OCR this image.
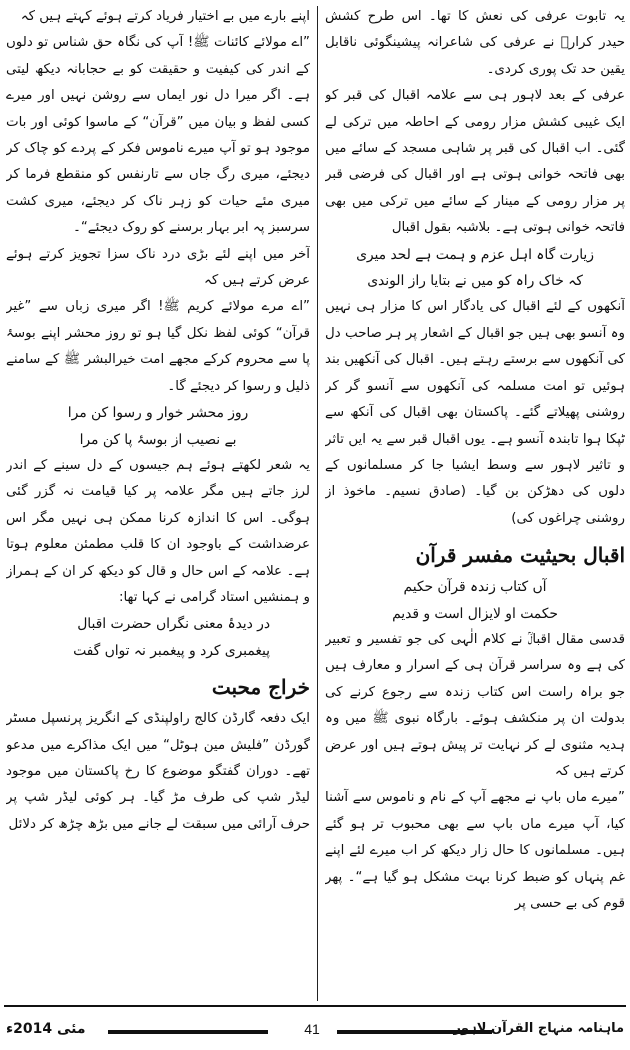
یہ تابوت عرفی کی نعش کا تھا۔ اس طرح کشش حیدر کرارؓ نے عرفی کی شاعرانہ پیشینگوئی ناقابل یقین حد تک پوری کردی۔

عرفی کے بعد لاہور ہی سے علامہ اقبال کی قبر کو ایک غیبی کشش مزار رومی کے احاطہ میں ترکی لے گئی۔ اب اقبال کی قبر پر شاہی مسجد کے سائے میں بھی فاتحہ خوانی ہوتی ہے اور اقبال کی فرضی قبر پر مزار رومی کے مینار کے سائے میں ترکی میں بھی فاتحہ خوانی ہوتی ہے۔ بلاشبہ بقول اقبال

زیارت گاہ اہل عزم و ہمت ہے لحد میری

کہ خاک راہ کو میں نے بتایا راز الوندی

آنکھوں کے لئے اقبال کی یادگار اس کا مزار ہی نہیں وہ آنسو بھی ہیں جو اقبال کے اشعار پر ہر صاحب دل کی آنکھوں سے برستے رہتے ہیں۔ اقبال کی آنکھیں بند ہوئیں تو امت مسلمہ کی آنکھوں سے آنسو گر کر روشنی پھیلاتے گئے۔ پاکستان بھی اقبال کی آنکھ سے ٹپکا ہوا تابندہ آنسو ہے۔ یوں اقبال قبر سے یہ ایں تاثر و تاثیر لاہور سے وسط ایشیا جا کر مسلمانوں کے دلوں کی دھڑکن بن گیا۔ (صادق نسیم۔ ماخوذ از روشنی چراغوں کی)

اقبال بحیثیت مفسر قرآن

آں کتاب زندہ قرآن حکیم

حکمت او لایزال است و قدیم

قدسی مقال اقبالؒ نے کلام الٰہی کی جو تفسیر و تعبیر کی ہے وہ سراسر قرآن ہی کے اسرار و معارف ہیں جو براہ راست اس کتاب زندہ سے رجوع کرنے کی بدولت ان پر منکشف ہوئے۔ بارگاہ نبوی ﷺ میں وہ ہدیہ مثنوی لے کر نہایت تر پیش ہوتے ہیں اور عرض کرتے ہیں کہ

”میرے ماں باپ نے مجھے آپ کے نام و ناموس سے آشنا کیا، آپ میرے ماں باپ سے بھی محبوب تر ہو گئے ہیں۔ مسلمانوں کا حال زار دیکھ کر اب میرے لئے اپنے غم پنہاں کو ضبط کرنا بہت مشکل ہو گیا ہے“۔ پھر قوم کی بے حسی پر

اپنے بارے میں بے اختیار فریاد کرتے ہوئے کہتے ہیں کہ

”اے مولائے کائنات ﷺ! آپ کی نگاہ حق شناس تو دلوں کے اندر کی کیفیت و حقیقت کو بے حجابانہ دیکھ لیتی ہے۔ اگر میرا دل نور ایماں سے روشن نہیں اور میرے کسی لفظ و بیان میں ”قرآن“ کے ماسوا کوئی اور بات موجود ہو تو آپ میرے ناموس فکر کے پردے کو چاک کر دیجئے، میری رگ جاں سے تارنفس کو منقطع فرما کر میری مئے حیات کو زہر ناک کر دیجئے، میری کشت سرسبز پہ ابر بہار برسنے کو روک دیجئے“۔

آخر میں اپنے لئے بڑی درد ناک سزا تجویز کرتے ہوئے عرض کرتے ہیں کہ

”اے مرے مولائے کریم ﷺ! اگر میری زباں سے ”غیر قرآن“ کوئی لفظ نکل گیا ہو تو روز محشر اپنے بوسۂ پا سے محروم کرکے مجھے امت خیرالبشر ﷺ کے سامنے ذلیل و رسوا کر دیجئے گا۔

روز محشر خوار و رسوا کن مرا

بے نصیب از بوسۂ پا کن مرا

یہ شعر لکھتے ہوئے ہم جیسوں کے دل سینے کے اندر لرز جاتے ہیں مگر علامہ پر کیا قیامت نہ گزر گئی ہوگی۔ اس کا اندازہ کرنا ممکن ہی نہیں مگر اس عرضداشت کے باوجود ان کا قلب مطمئن معلوم ہوتا ہے۔ علامہ کے اس حال و قال کو دیکھ کر ان کے ہمراز و ہمنشیں استاد گرامی نے کہا تھا:

در دیدۂ معنی نگراں حضرت اقبال

پیغمبری کرد و پیغمبر نہ تواں گفت

خراج محبت

ایک دفعہ گارڈن کالج راولپنڈی کے انگریز پرنسپل مسٹر گورڈن ”فلیش مین ہوٹل“ میں ایک مذاکرے میں مدعو تھے۔ دوران گفتگو موضوع کا رخ پاکستان میں موجود لیڈر شپ کی طرف مڑ گیا۔ ہر کوئی لیڈر شپ پر حرف آرائی میں سبقت لے جانے میں بڑھ چڑھ کر دلائل

ماہنامہ منہاج القرآن لاہور
41
مئی 2014ء
